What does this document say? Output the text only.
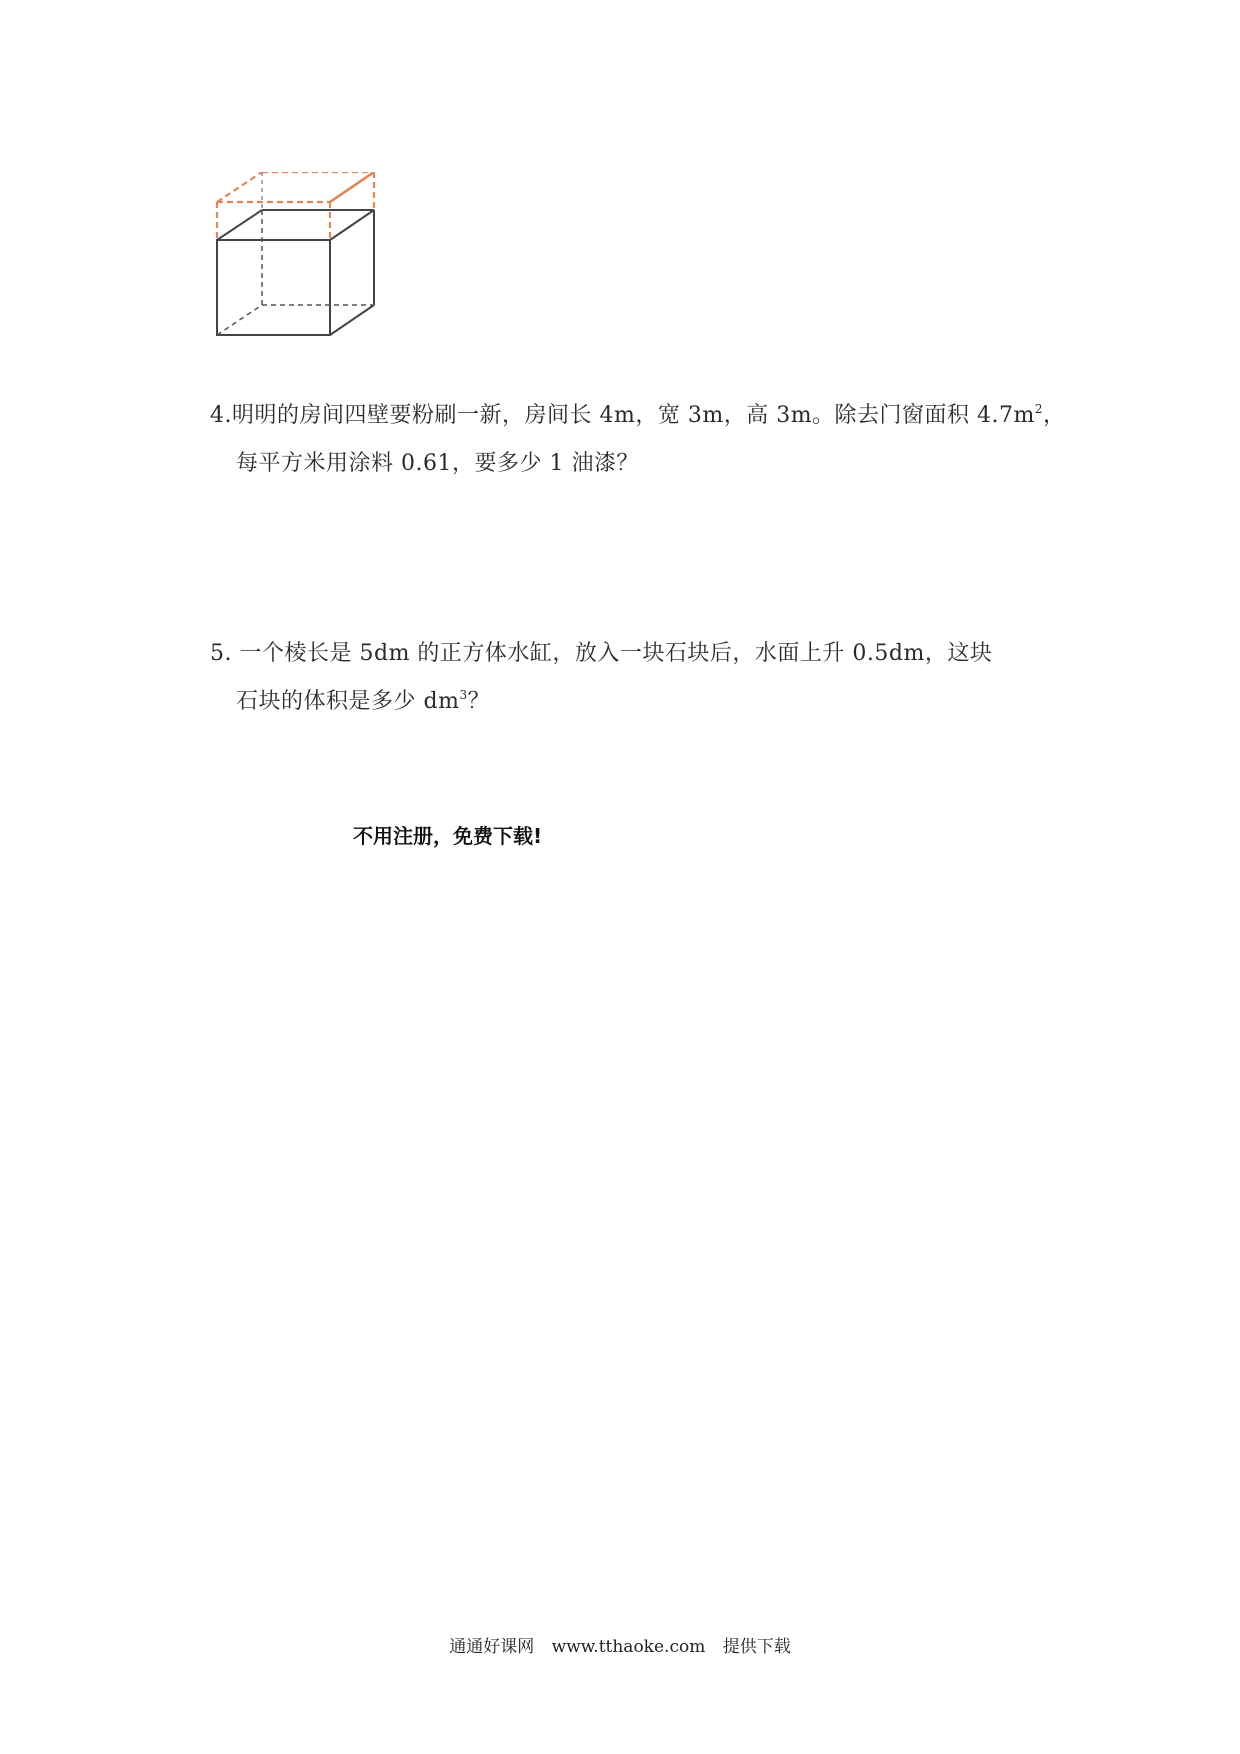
4.明明的房间四壁要粉刷一新，房间长 4m，宽 3m，高 3m。除去门窗面积 $4.7m^2$，
每平方米用涂料 0.61，要多少 1 油漆？
5. 一个棱长是 5dm 的正方体水缸，放入一块石块后，水面上升 0.5dm，这块
石块的体积是多少 $dm^3$？
不用注册，免费下载!
通通好课网 www.tthaoke.com 提供下载
